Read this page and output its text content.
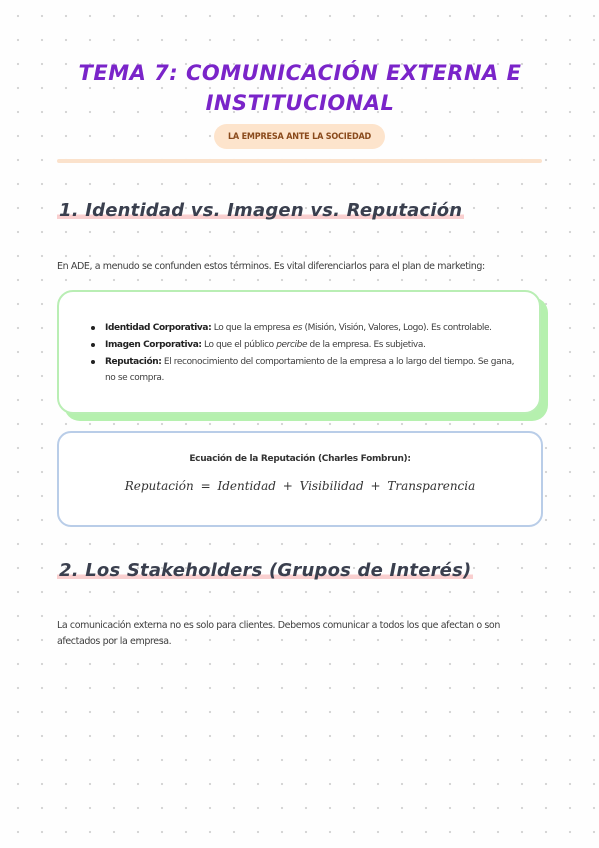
TEMA 7: COMUNICACIÓN EXTERNA E INSTITUCIONAL
LA EMPRESA ANTE LA SOCIEDAD
1. Identidad vs. Imagen vs. Reputación

En ADE, a menudo se confunden estos términos. Es vital diferenciarlos para el plan de marketing:

Identidad Corporativa: Lo que la empresa es (Misión, Visión, Valores, Logo). Es controlable.
Imagen Corporativa: Lo que el público percibe de la empresa. Es subjetiva.
Reputación: El reconocimiento del comportamiento de la empresa a lo largo del tiempo. Se gana, no se compra.
Ecuación de la Reputación (Charles Fombrun):
Reputación = Identidad + Visibilidad + Transparencia
2. Los Stakeholders (Grupos de Interés)

La comunicación externa no es solo para clientes. Debemos comunicar a todos los que afectan o son afectados por la empresa.
